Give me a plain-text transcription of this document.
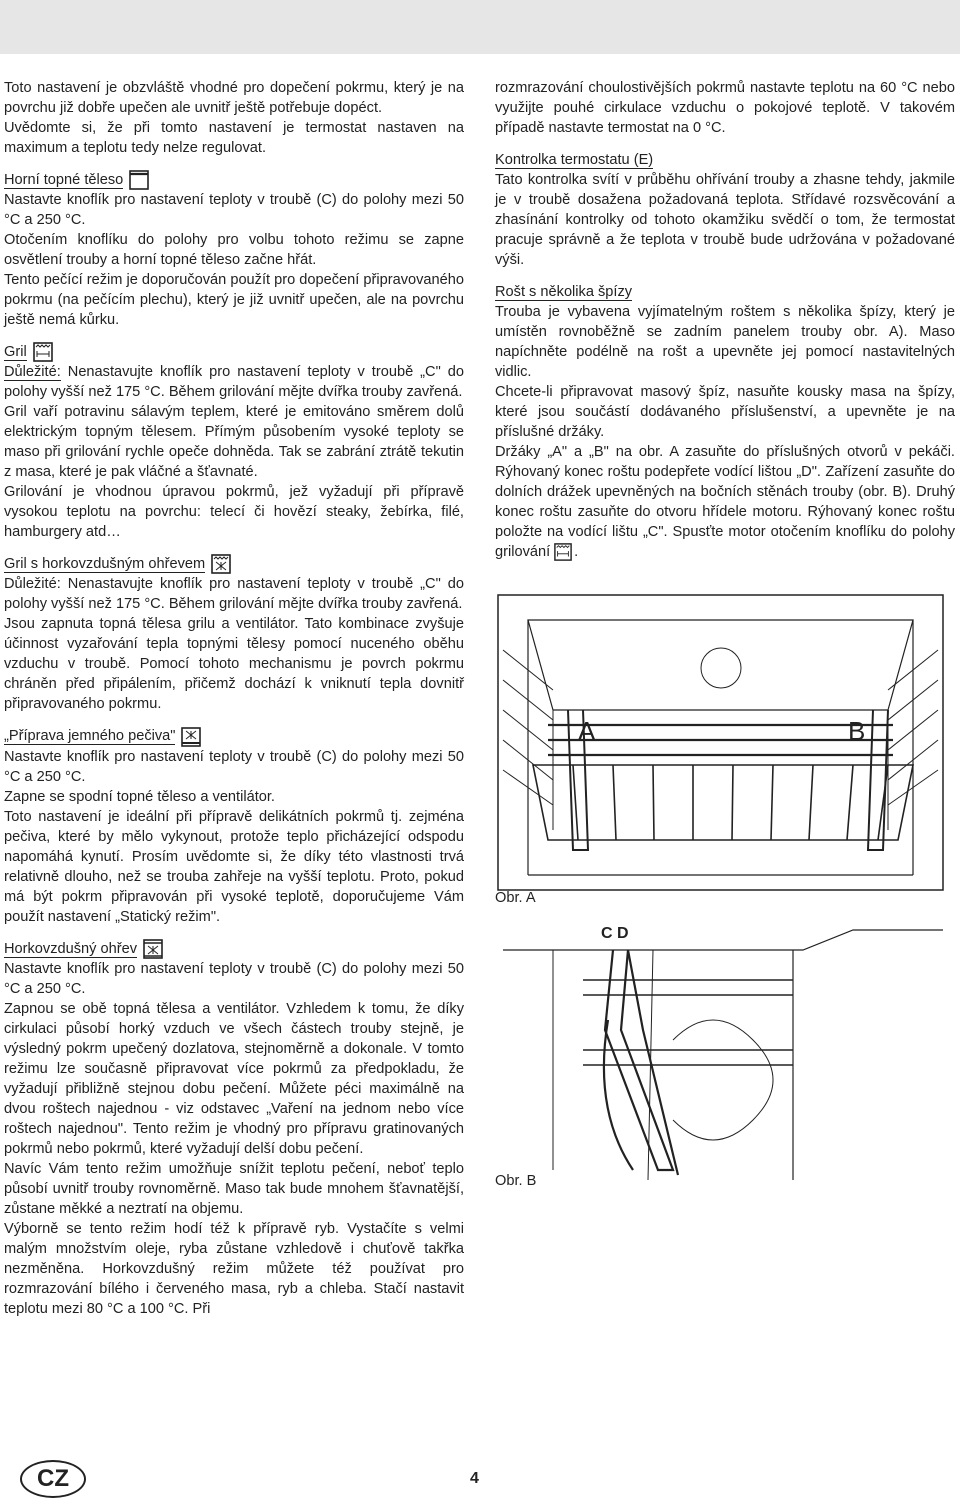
Toto nastavení je obzvláště vhodné pro dopečení pokrmu, který je na povrchu již dobře upečen ale uvnitř ještě potřebuje dopéct.

Uvědomte si, že při tomto nastavení je termostat nastaven na maximum a teplotu tedy nelze regulovat.

Horní topné těleso

Nastavte knoflík pro nastavení teploty v troubě (C) do polohy mezi 50 °C a 250 °C.

Otočením knoflíku do polohy pro volbu tohoto režimu se zapne osvětlení trouby a horní topné těleso začne hřát.

Tento pečící režim je doporučován použít pro dopečení připravovaného pokrmu (na pečícím plechu), který je již uvnitř upečen, ale na povrchu ještě nemá kůrku.

Gril

Důležité: Nenastavujte knoflík pro nastavení teploty v troubě „C" do polohy vyšší než 175 °C. Během grilování mějte dvířka trouby zavřená.

Gril vaří potravinu sálavým teplem, které je emitováno směrem dolů elektrickým topným tělesem. Přímým působením vysoké teploty se maso při grilování rychle opeče dohněda. Tak se zabrání ztrátě tekutin z masa, které je pak vláčné a šťavnaté.

Grilování je vhodnou úpravou pokrmů, jež vyžadují při přípravě vysokou teplotu na povrchu: telecí či hovězí steaky, žebírka, filé, hamburgery atd…

Gril s horkovzdušným ohřevem

Důležité: Nenastavujte knoflík pro nastavení teploty v troubě „C" do polohy vyšší než 175 °C. Během grilování mějte dvířka trouby zavřená.

Jsou zapnuta topná tělesa grilu a ventilátor. Tato kombinace zvyšuje účinnost vyzařování tepla topnými tělesy pomocí nuceného oběhu vzduchu v troubě. Pomocí tohoto mechanismu je povrch pokrmu chráněn před připálením, přičemž dochází k vniknutí tepla dovnitř připravovaného pokrmu.

„Příprava jemného pečiva"

Nastavte knoflík pro nastavení teploty v troubě (C) do polohy mezi 50 °C a 250 °C.

Zapne se spodní topné těleso a ventilátor.

Toto nastavení je ideální při přípravě delikátních pokrmů tj. zejména pečiva, které by mělo vykynout, protože teplo přicházející odspodu napomáhá kynutí. Prosím uvědomte si, že díky této vlastnosti trvá relativně dlouho, než se trouba zahřeje na vyšší teplotu. Proto, pokud má být pokrm připravován při vysoké teplotě, doporučujeme Vám použít nastavení „Statický režim".

Horkovzdušný ohřev

Nastavte knoflík pro nastavení teploty v troubě (C) do polohy mezi 50 °C a 250 °C.

Zapnou se obě topná tělesa a ventilátor. Vzhledem k tomu, že díky cirkulaci působí horký vzduch ve všech částech trouby stejně, je výsledný pokrm upečený dozlatova, stejnoměrně a dokonale. V tomto režimu lze současně připravovat více pokrmů za předpokladu, že vyžadují přibližně stejnou dobu pečení. Můžete péci maximálně na dvou roštech najednou - viz odstavec „Vaření na jednom nebo více roštech najednou". Tento režim je vhodný pro přípravu gratinovaných pokrmů nebo pokrmů, které vyžadují delší dobu pečení.

Navíc Vám tento režim umožňuje snížit teplotu pečení, neboť teplo působí uvnitř trouby rovnoměrně. Maso tak bude mnohem šťavnatější, zůstane měkké a neztratí na objemu.

Výborně se tento režim hodí též k přípravě ryb. Vystačíte s velmi malým množstvím oleje, ryba zůstane vzhledově i chuťově takřka nezměněna. Horkovzdušný režim můžete též používat pro rozmrazování bílého i červeného masa, ryb a chleba. Stačí nastavit teplotu mezi 80 °C a 100 °C. Při

rozmrazování choulostivějších pokrmů nastavte teplotu na 60 °C nebo využijte pouhé cirkulace vzduchu o pokojové teplotě. V takovém případě nastavte termostat na 0 °C.

Kontrolka termostatu (E)

Tato kontrolka svítí v průběhu ohřívání trouby a zhasne tehdy, jakmile je v troubě dosažena požadovaná teplota. Střídavé rozsvěcování a zhasínání kontrolky od tohoto okamžiku svědčí o tom, že termostat pracuje správně a že teplota v troubě bude udržována v požadované výši.

Rošt s několika špízy

Trouba je vybavena vyjímatelným roštem s několika špízy, který je umístěn rovnoběžně se zadním panelem trouby obr. A). Maso napíchněte podélně na rošt a upevněte jej pomocí nastavitelných vidlic.

Chcete-li připravovat masový špíz, nasuňte kousky masa na špízy, které jsou součástí dodávaného příslušenství, a upevněte je na příslušné držáky.

Držáky „A" a „B" na obr. A zasuňte do příslušných otvorů v pekáči. Rýhovaný konec roštu podepřete vodící lištou „D". Zařízení zasuňte do dolních drážek upevněných na bočních stěnách trouby (obr. B). Druhý konec roštu zasuňte do otvoru hřídele motoru. Rýhovaný konec roštu položte na vodící lištu „C". Spusťte motor otočením knoflíku do polohy grilování .

A	B
Obr. A
C D
Obr. B
CZ	4
